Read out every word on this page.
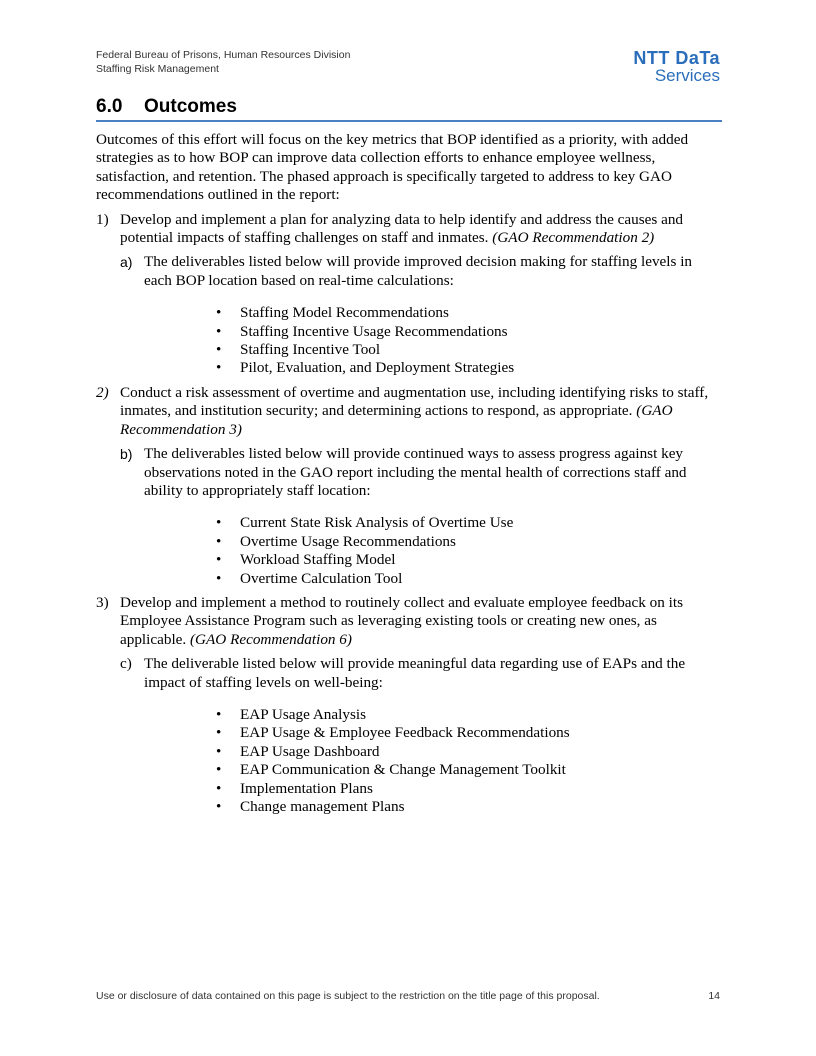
Federal Bureau of Prisons, Human Resources Division
Staffing Risk Management
NTT DaTa
Services
6.0 Outcomes

Outcomes of this effort will focus on the key metrics that BOP identified as a priority, with added strategies as to how BOP can improve data collection efforts to enhance employee wellness, satisfaction, and retention. The phased approach is specifically targeted to address to key GAO recommendations outlined in the report:

1) Develop and implement a plan for analyzing data to help identify and address the causes and potential impacts of staffing challenges on staff and inmates. (GAO Recommendation 2)
a) The deliverables listed below will provide improved decision making for staffing levels in each BOP location based on real-time calculations:
• Staffing Model Recommendations
• Staffing Incentive Usage Recommendations
• Staffing Incentive Tool
• Pilot, Evaluation, and Deployment Strategies
2) Conduct a risk assessment of overtime and augmentation use, including identifying risks to staff, inmates, and institution security; and determining actions to respond, as appropriate. (GAO Recommendation 3)
b) The deliverables listed below will provide continued ways to assess progress against key observations noted in the GAO report including the mental health of corrections staff and ability to appropriately staff location:
• Current State Risk Analysis of Overtime Use
• Overtime Usage Recommendations
• Workload Staffing Model
• Overtime Calculation Tool
3) Develop and implement a method to routinely collect and evaluate employee feedback on its Employee Assistance Program such as leveraging existing tools or creating new ones, as applicable. (GAO Recommendation 6)
c) The deliverable listed below will provide meaningful data regarding use of EAPs and the impact of staffing levels on well-being:
• EAP Usage Analysis
• EAP Usage & Employee Feedback Recommendations
• EAP Usage Dashboard
• EAP Communication & Change Management Toolkit
• Implementation Plans
• Change management Plans
Use or disclosure of data contained on this page is subject to the restriction on the title page of this proposal.	14
